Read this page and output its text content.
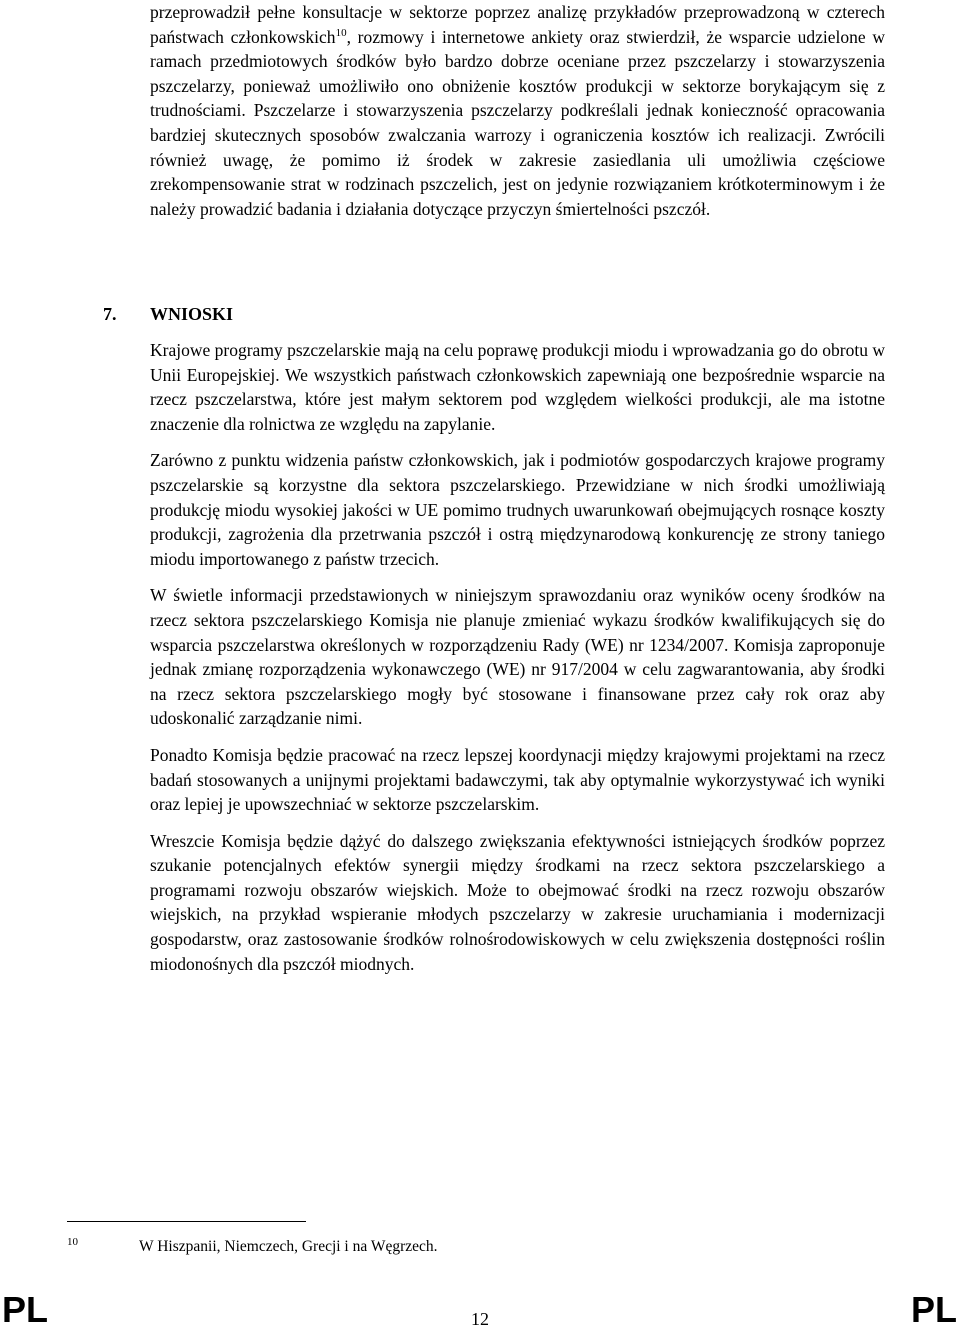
przeprowadził pełne konsultacje w sektorze poprzez analizę przykładów przeprowadzoną w czterech państwach członkowskich$^{10}$, rozmowy i internetowe ankiety oraz stwierdził, że wsparcie udzielone w ramach przedmiotowych środków było bardzo dobrze oceniane przez pszczelarzy i stowarzyszenia pszczelarzy, ponieważ umożliwiło ono obniżenie kosztów produkcji w sektorze borykającym się z trudnościami. Pszczelarze i stowarzyszenia pszczelarzy podkreślali jednak konieczność opracowania bardziej skutecznych sposobów zwalczania warrozy i ograniczenia kosztów ich realizacji. Zwrócili również uwagę, że pomimo iż środek w zakresie zasiedlania uli umożliwia częściowe zrekompensowanie strat w rodzinach pszczelich, jest on jedynie rozwiązaniem krótkoterminowym i że należy prowadzić badania i działania dotyczące przyczyn śmiertelności pszczół.

7. WNIOSKI

Krajowe programy pszczelarskie mają na celu poprawę produkcji miodu i wprowadzania go do obrotu w Unii Europejskiej. We wszystkich państwach członkowskich zapewniają one bezpośrednie wsparcie na rzecz pszczelarstwa, które jest małym sektorem pod względem wielkości produkcji, ale ma istotne znaczenie dla rolnictwa ze względu na zapylanie.

Zarówno z punktu widzenia państw członkowskich, jak i podmiotów gospodarczych krajowe programy pszczelarskie są korzystne dla sektora pszczelarskiego. Przewidziane w nich środki umożliwiają produkcję miodu wysokiej jakości w UE pomimo trudnych uwarunkowań obejmujących rosnące koszty produkcji, zagrożenia dla przetrwania pszczół i ostrą międzynarodową konkurencję ze strony taniego miodu importowanego z państw trzecich.

W świetle informacji przedstawionych w niniejszym sprawozdaniu oraz wyników oceny środków na rzecz sektora pszczelarskiego Komisja nie planuje zmieniać wykazu środków kwalifikujących się do wsparcia pszczelarstwa określonych w rozporządzeniu Rady (WE) nr 1234/2007. Komisja zaproponuje jednak zmianę rozporządzenia wykonawczego (WE) nr 917/2004 w celu zagwarantowania, aby środki na rzecz sektora pszczelarskiego mogły być stosowane i finansowane przez cały rok oraz aby udoskonalić zarządzanie nimi.

Ponadto Komisja będzie pracować na rzecz lepszej koordynacji między krajowymi projektami na rzecz badań stosowanych a unijnymi projektami badawczymi, tak aby optymalnie wykorzystywać ich wyniki oraz lepiej je upowszechniać w sektorze pszczelarskim.

Wreszcie Komisja będzie dążyć do dalszego zwiększania efektywności istniejących środków poprzez szukanie potencjalnych efektów synergii między środkami na rzecz sektora pszczelarskiego a programami rozwoju obszarów wiejskich. Może to obejmować środki na rzecz rozwoju obszarów wiejskich, na przykład wspieranie młodych pszczelarzy w zakresie uruchamiania i modernizacji gospodarstw, oraz zastosowanie środków rolnośrodowiskowych w celu zwiększenia dostępności roślin miodonośnych dla pszczół miodnych.

10	W Hiszpanii, Niemczech, Grecji i na Węgrzech.
PL	12	PL
